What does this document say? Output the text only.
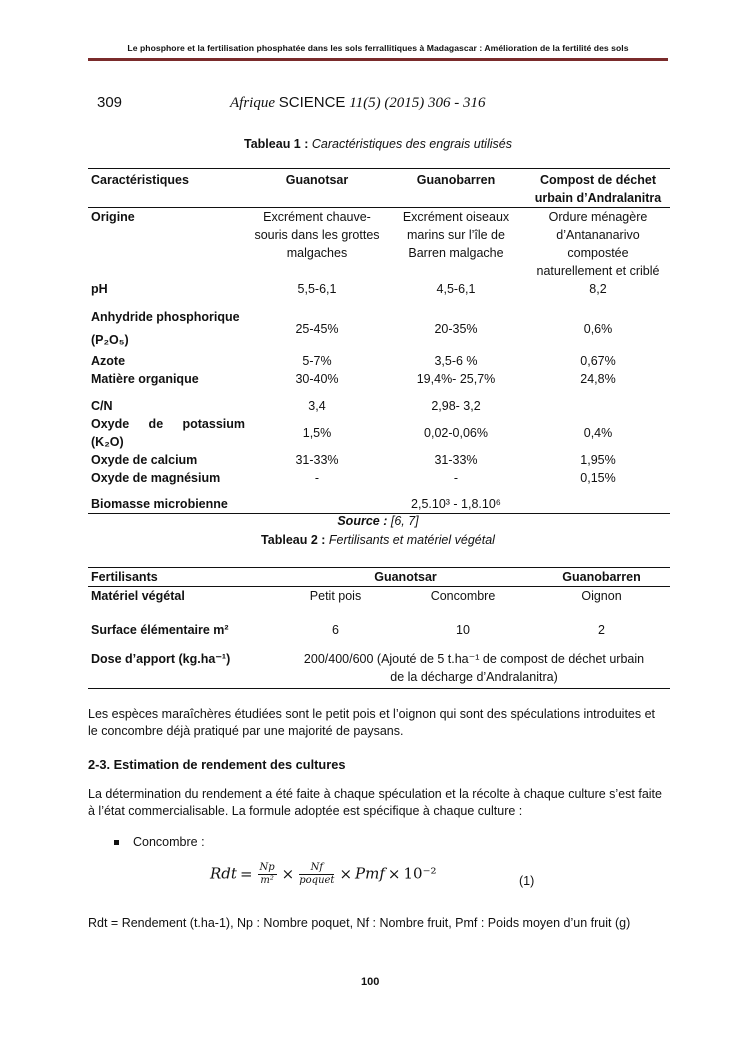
Le phosphore et la fertilisation phosphatée dans les sols ferrallitiques à Madagascar : Amélioration de la fertilité des sols
309	Afrique SCIENCE 11(5) (2015) 306 - 316
Tableau 1 : Caractéristiques des engrais utilisés
Caractéristiques	Guanotsar	Guanobarren	Compost de déchet urbain d’Andralanitra
Origine	Excrément chauve-souris dans les grottes malgaches	Excrément oiseaux marins sur l’île de Barren malgache	Ordure ménagère d’Antananarivo compostée naturellement et criblé
pH	5,5-6,1	4,5-6,1	8,2
Anhydride phosphorique (P₂O₅)	25-45%	20-35%	0,6%
Azote	5-7%	3,5-6 %	0,67%
Matière organique	30-40%	19,4%- 25,7%	24,8%
C/N	3,4	2,98- 3,2	
Oxyde de potassium (K₂O)	1,5%	0,02-0,06%	0,4%
Oxyde de calcium	31-33%	31-33%	1,95%
Oxyde de magnésium	-	-	0,15%
Biomasse microbienne		2,5.10³ - 1,8.10⁶	
Source : [6, 7]
Tableau 2 : Fertilisants et matériel végétal
Fertilisants	Guanotsar		Guanobarren
Matériel végétal	Petit pois	Concombre	Oignon
Surface élémentaire m²	6	10	2
Dose d’apport (kg.ha⁻¹)	200/400/600 (Ajouté de 5 t.ha⁻¹ de compost de déchet urbain de la décharge d’Andralanitra)		
Les espèces maraîchères étudiées sont le petit pois et l’oignon qui sont des spéculations introduites et le concombre déjà pratiqué par une majorité de paysans.
2-3. Estimation de rendement des cultures
La détermination du rendement a été faite à chaque spéculation et la récolte à chaque culture s’est faite à l’état commercialisable. La formule adoptée est spécifique à chaque culture :
Concombre :
Rdt = $\frac{Np}{\text{m²}} \times \frac{Nf}{\text{poquet}}$ × Pmf × 10⁻²	(1)
Rdt = Rendement (t.ha-1), Np : Nombre poquet, Nf : Nombre fruit, Pmf : Poids moyen d’un fruit (g)
100
